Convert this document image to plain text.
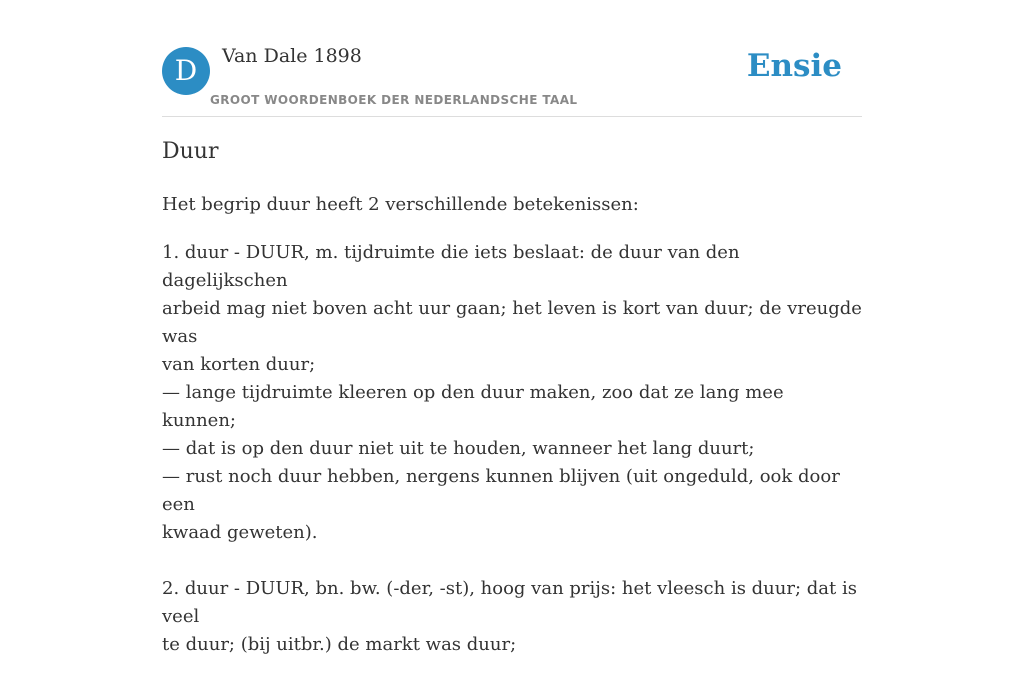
D	Van Dale 1898
GROOT WOORDENBOEK DER NEDERLANDSCHE TAAL
Ensie
Duur

Het begrip duur heeft 2 verschillende betekenissen:

1. duur - DUUR, m. tijdruimte die iets beslaat: de duur van den dagelijkschen
arbeid mag niet boven acht uur gaan; het leven is kort van duur; de vreugde was
van korten duur;
— lange tijdruimte kleeren op den duur maken, zoo dat ze lang mee kunnen;
— dat is op den duur niet uit te houden, wanneer het lang duurt;
— rust noch duur hebben, nergens kunnen blijven (uit ongeduld, ook door een
kwaad geweten).
2. duur - DUUR, bn. bw. (-der, -st), hoog van prijs: het vleesch is duur; dat is veel
te duur; (bij uitbr.) de markt was duur;
